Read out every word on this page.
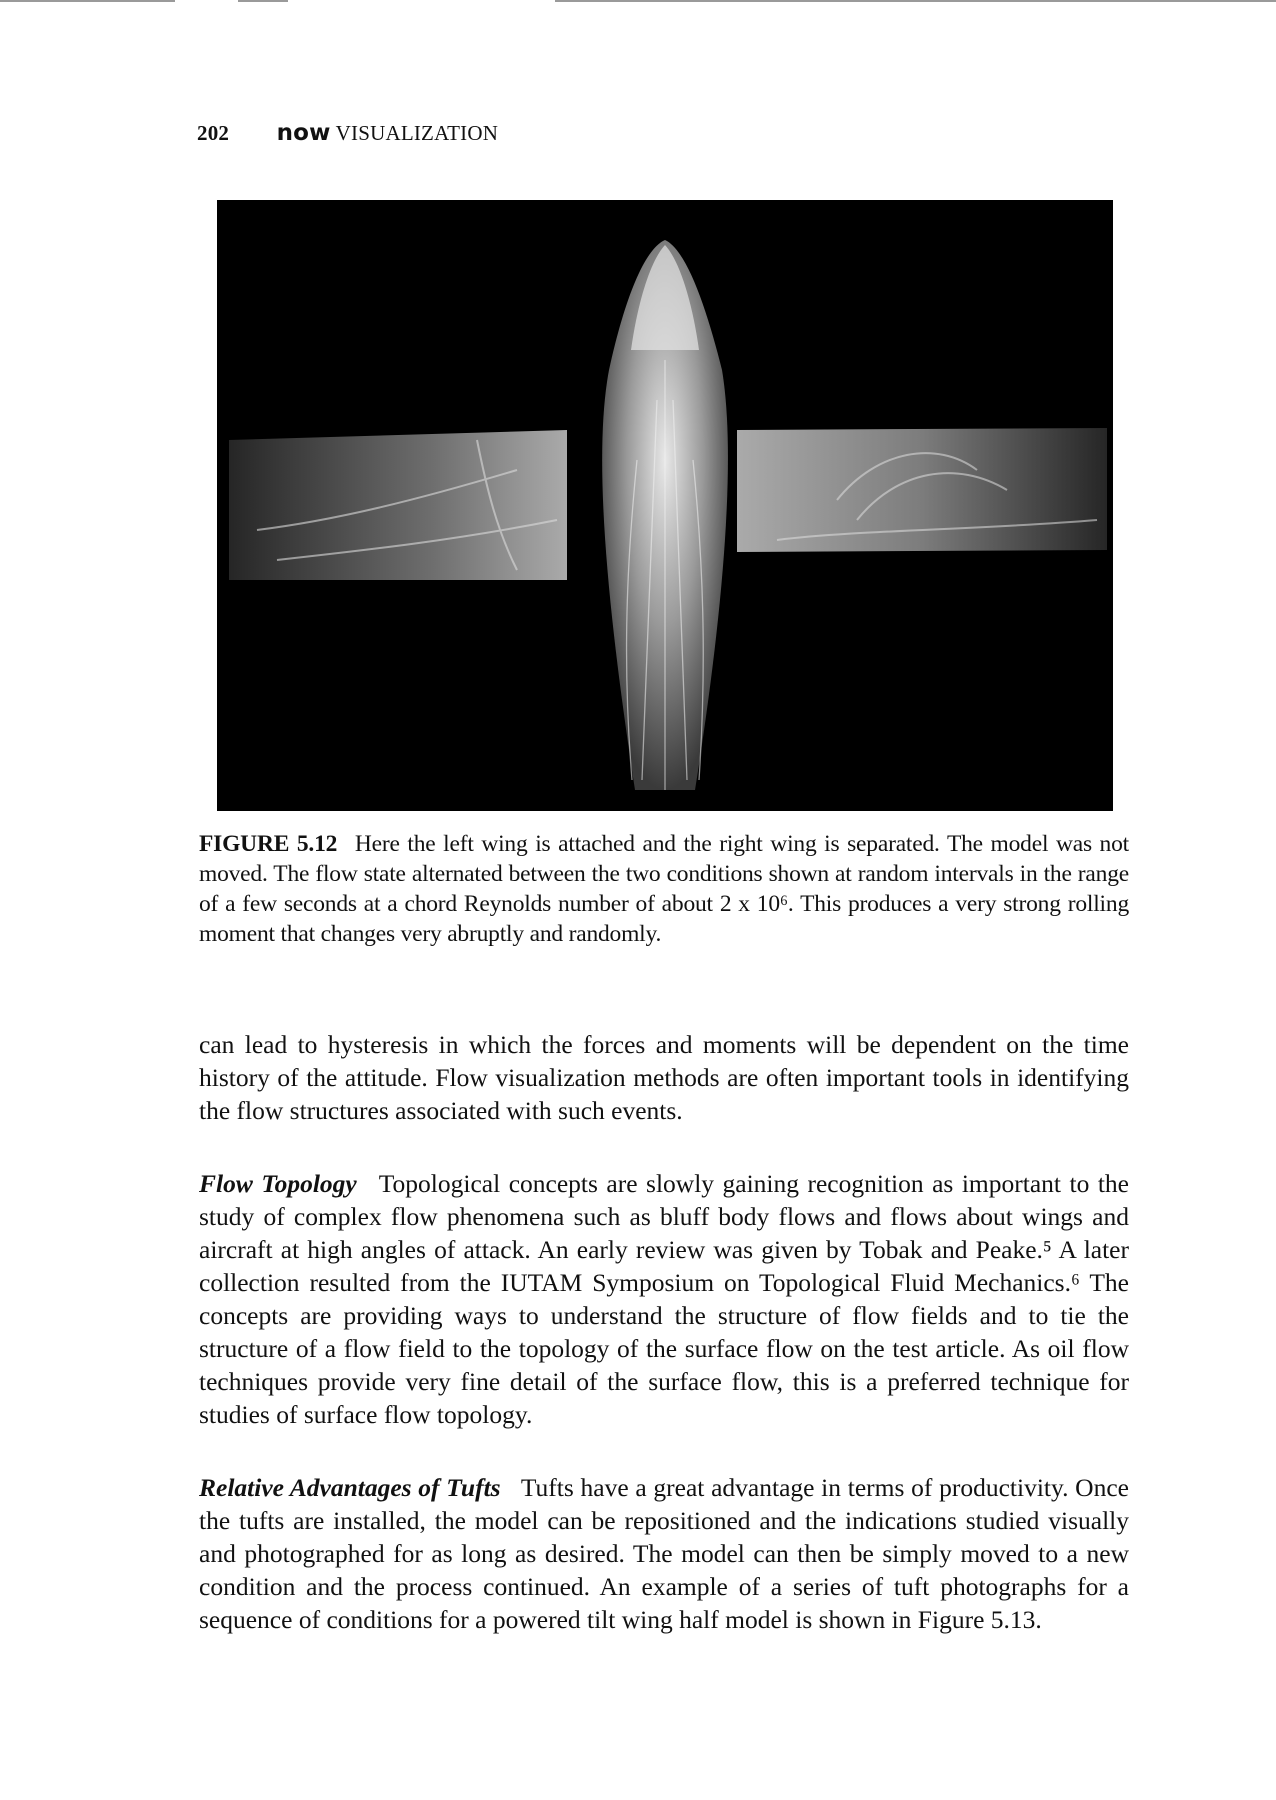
202 now VISUALIZATION
FIGURE 5.12 Here the left wing is attached and the right wing is separated. The model was not moved. The flow state alternated between the two conditions shown at random intervals in the range of a few seconds at a chord Reynolds number of about 2 x 10⁶. This produces a very strong rolling moment that changes very abruptly and randomly.
can lead to hysteresis in which the forces and moments will be dependent on the time history of the attitude. Flow visualization methods are often important tools in identifying the flow structures associated with such events.
Flow Topology Topological concepts are slowly gaining recognition as important to the study of complex flow phenomena such as bluff body flows and flows about wings and aircraft at high angles of attack. An early review was given by Tobak and Peake.⁵ A later collection resulted from the IUTAM Symposium on Topological Fluid Mechanics.⁶ The concepts are providing ways to understand the structure of flow fields and to tie the structure of a flow field to the topology of the surface flow on the test article. As oil flow techniques provide very fine detail of the surface flow, this is a preferred technique for studies of surface flow topology.
Relative Advantages of Tufts Tufts have a great advantage in terms of productivity. Once the tufts are installed, the model can be repositioned and the indications studied visually and photographed for as long as desired. The model can then be simply moved to a new condition and the process continued. An example of a series of tuft photographs for a sequence of conditions for a powered tilt wing half model is shown in Figure 5.13.
